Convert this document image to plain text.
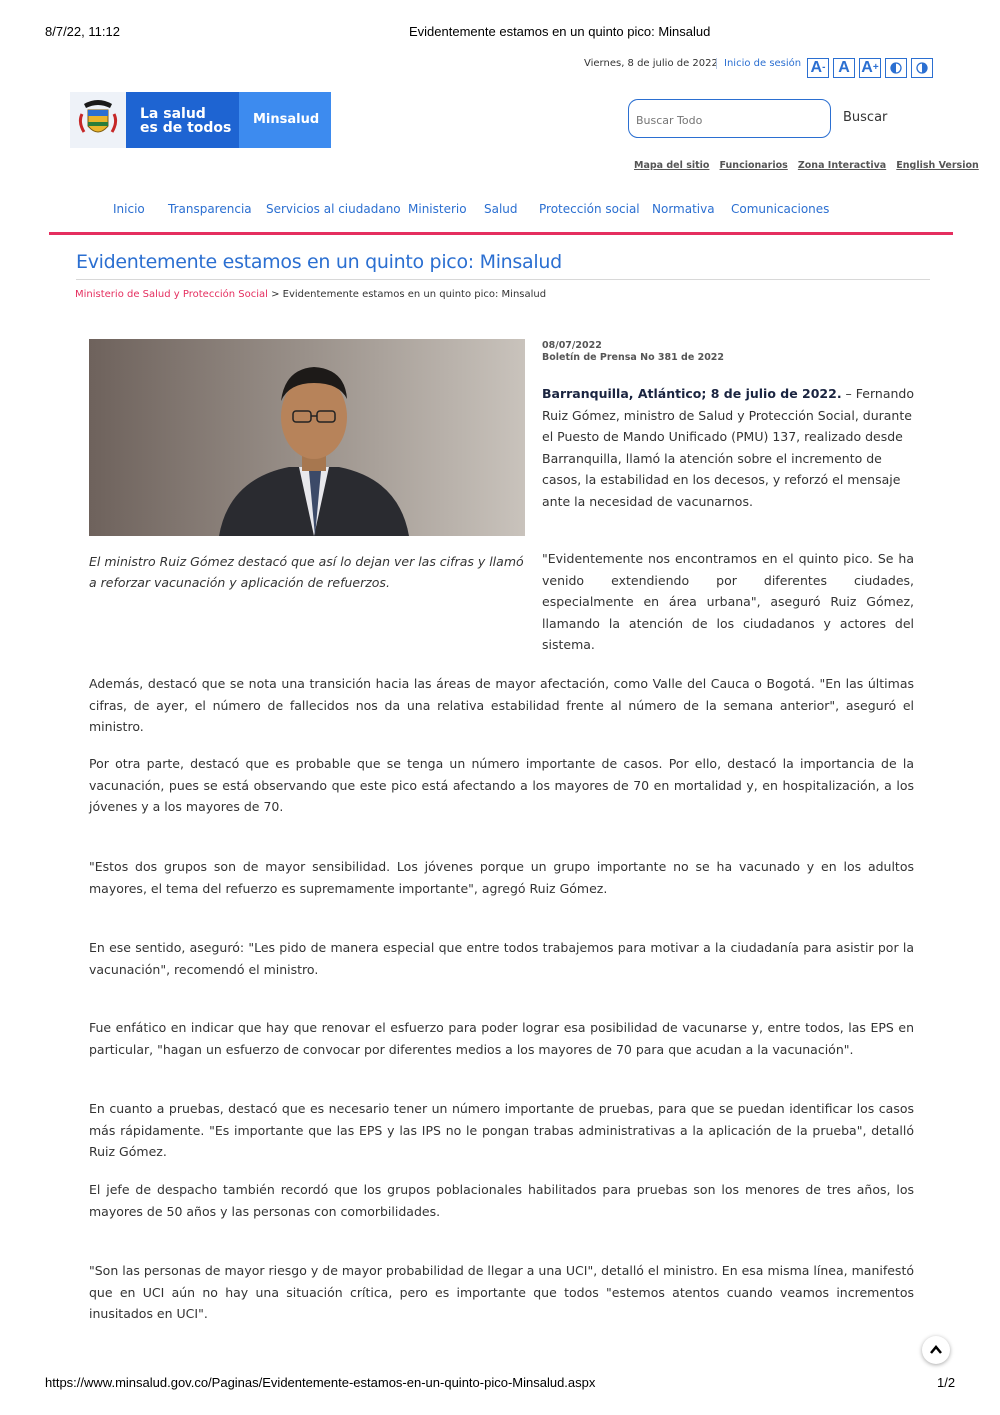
8/7/22, 11:12	Evidentemente estamos en un quinto pico: Minsalud
Viernes, 8 de julio de 2022 Inicio de sesión A- A A+
La salud
es de todos
Minsalud
Buscar Todo	Buscar
Mapa del sitio Funcionarios Zona Interactiva English Version
Inicio Transparencia Servicios al ciudadano Ministerio Salud Protección social Normativa Comunicaciones
Evidentemente estamos en un quinto pico: Minsalud
Ministerio de Salud y Protección Social > Evidentemente estamos en un quinto pico: Minsalud
El ministro Ruiz Gómez destacó que así lo dejan ver las cifras y llamó a reforzar vacunación y aplicación de refuerzos.
08/07/2022
Boletín de Prensa No 381 de 2022
Barranquilla, Atlántico; 8 de julio de 2022. – Fernando Ruiz Gómez, ministro de Salud y Protección Social, durante el Puesto de Mando Unificado (PMU) 137, realizado desde Barranquilla, llamó la atención sobre el incremento de casos, la estabilidad en los decesos, y reforzó el mensaje ante la necesidad de vacunarnos.
"Evidentemente nos encontramos en el quinto pico. Se ha venido extendiendo por diferentes ciudades, especialmente en área urbana", aseguró Ruiz Gómez, llamando la atención de los ciudadanos y actores del sistema.

Además, destacó que se nota una transición hacia las áreas de mayor afectación, como Valle del Cauca o Bogotá. "En las últimas cifras, de ayer, el número de fallecidos nos da una relativa estabilidad frente al número de la semana anterior", aseguró el ministro.

Por otra parte, destacó que es probable que se tenga un número importante de casos. Por ello, destacó la importancia de la vacunación, pues se está observando que este pico está afectando a los mayores de 70 en mortalidad y, en hospitalización, a los jóvenes y a los mayores de 70.

"Estos dos grupos son de mayor sensibilidad. Los jóvenes porque un grupo importante no se ha vacunado y en los adultos mayores, el tema del refuerzo es supremamente importante", agregó Ruiz Gómez.

En ese sentido, aseguró: "Les pido de manera especial que entre todos trabajemos para motivar a la ciudadanía para asistir por la vacunación", recomendó el ministro.

Fue enfático en indicar que hay que renovar el esfuerzo para poder lograr esa posibilidad de vacunarse y, entre todos, las EPS en particular, "hagan un esfuerzo de convocar por diferentes medios a los mayores de 70 para que acudan a la vacunación".

En cuanto a pruebas, destacó que es necesario tener un número importante de pruebas, para que se puedan identificar los casos más rápidamente. "Es importante que las EPS y las IPS no le pongan trabas administrativas a la aplicación de la prueba", detalló Ruiz Gómez.

El jefe de despacho también recordó que los grupos poblacionales habilitados para pruebas son los menores de tres años, los mayores de 50 años y las personas con comorbilidades.

"Son las personas de mayor riesgo y de mayor probabilidad de llegar a una UCI", detalló el ministro. En esa misma línea, manifestó que en UCI aún no hay una situación crítica, pero es importante que todos "estemos atentos cuando veamos incrementos inusitados en UCI".

https://www.minsalud.gov.co/Paginas/Evidentemente-estamos-en-un-quinto-pico-Minsalud.aspx	1/2
